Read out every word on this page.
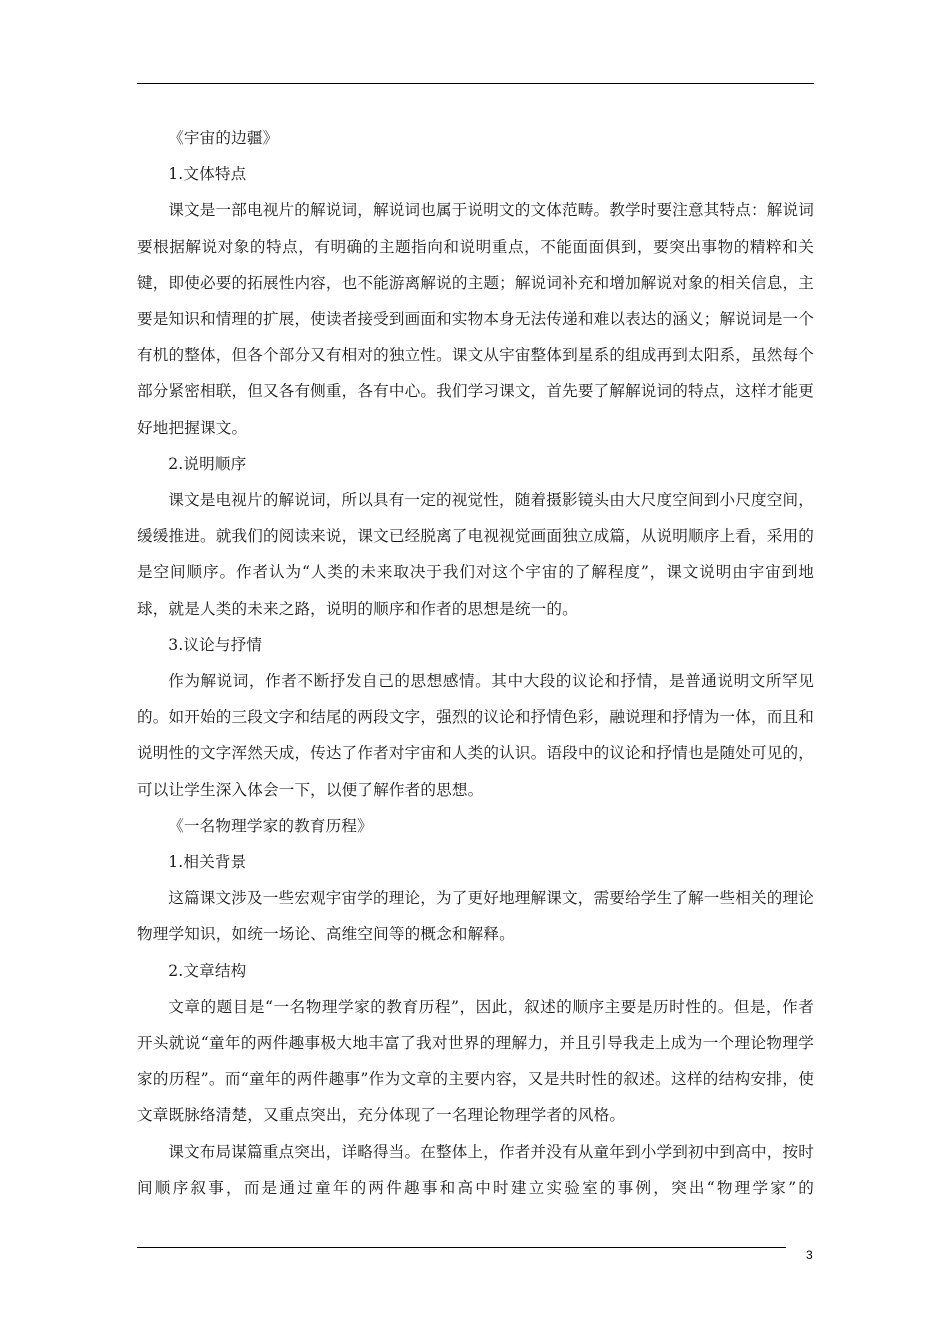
《宇宙的边疆》

1.文体特点

课文是一部电视片的解说词，解说词也属于说明文的文体范畴。教学时要注意其特点：解说词要根据解说对象的特点，有明确的主题指向和说明重点，不能面面俱到，要突出事物的精粹和关键，即使必要的拓展性内容，也不能游离解说的主题；解说词补充和增加解说对象的相关信息，主要是知识和情理的扩展，使读者接受到画面和实物本身无法传递和难以表达的涵义；解说词是一个有机的整体，但各个部分又有相对的独立性。课文从宇宙整体到星系的组成再到太阳系，虽然每个部分紧密相联，但又各有侧重，各有中心。我们学习课文，首先要了解解说词的特点，这样才能更好地把握课文。

2.说明顺序

课文是电视片的解说词，所以具有一定的视觉性，随着摄影镜头由大尺度空间到小尺度空间，缓缓推进。就我们的阅读来说，课文已经脱离了电视视觉画面独立成篇，从说明顺序上看，采用的是空间顺序。作者认为“人类的未来取决于我们对这个宇宙的了解程度”，课文说明由宇宙到地球，就是人类的未来之路，说明的顺序和作者的思想是统一的。

3.议论与抒情

作为解说词，作者不断抒发自己的思想感情。其中大段的议论和抒情，是普通说明文所罕见的。如开始的三段文字和结尾的两段文字，强烈的议论和抒情色彩，融说理和抒情为一体，而且和说明性的文字浑然天成，传达了作者对宇宙和人类的认识。语段中的议论和抒情也是随处可见的，可以让学生深入体会一下，以便了解作者的思想。

《一名物理学家的教育历程》

1.相关背景

这篇课文涉及一些宏观宇宙学的理论，为了更好地理解课文，需要给学生了解一些相关的理论物理学知识，如统一场论、高维空间等的概念和解释。

2.文章结构

文章的题目是“一名物理学家的教育历程”，因此，叙述的顺序主要是历时性的。但是，作者开头就说“童年的两件趣事极大地丰富了我对世界的理解力，并且引导我走上成为一个理论物理学家的历程”。而“童年的两件趣事”作为文章的主要内容，又是共时性的叙述。这样的结构安排，使文章既脉络清楚，又重点突出，充分体现了一名理论物理学者的风格。

课文布局谋篇重点突出，详略得当。在整体上，作者并没有从童年到小学到初中到高中，按时间顺序叙事，而是通过童年的两件趣事和高中时建立实验室的事例，突出“物理学家”的

3
